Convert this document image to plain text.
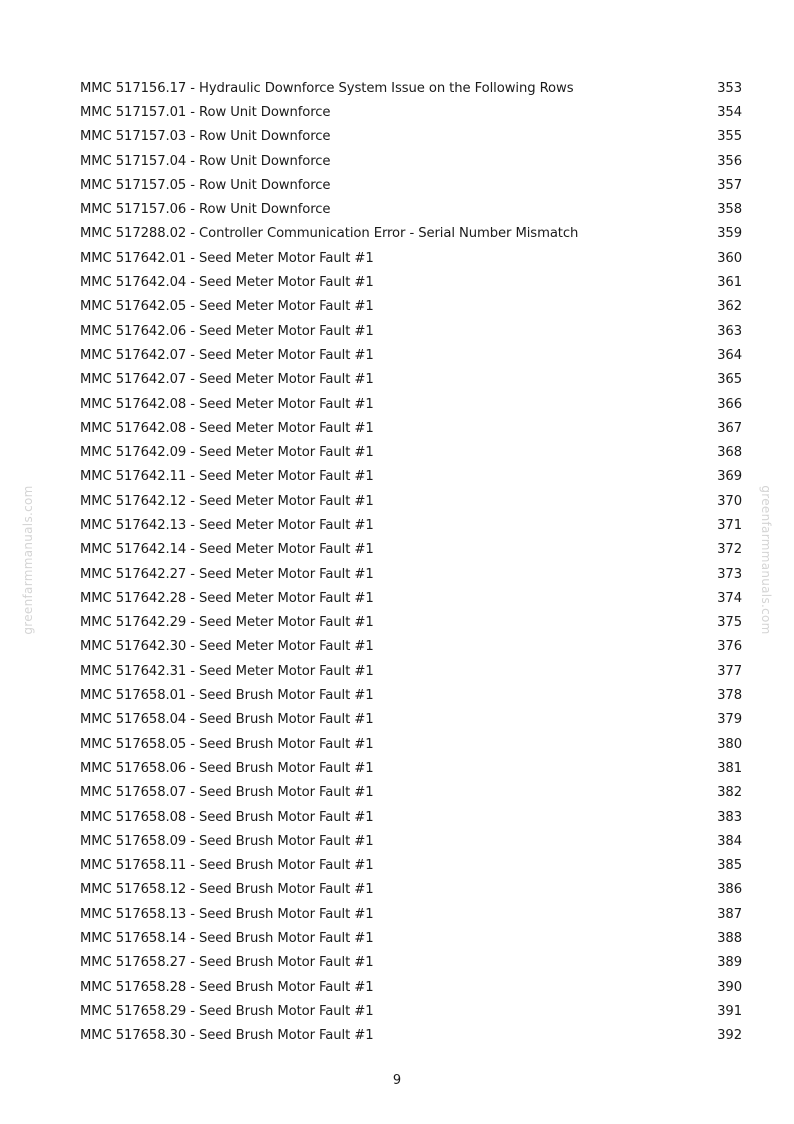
greenfarmmanuals.com	greenfarmmanuals.com
MMC 517156.17 - Hydraulic Downforce System Issue on the Following Rows	353
MMC 517157.01 - Row Unit Downforce	354
MMC 517157.03 - Row Unit Downforce	355
MMC 517157.04 - Row Unit Downforce	356
MMC 517157.05 - Row Unit Downforce	357
MMC 517157.06 - Row Unit Downforce	358
MMC 517288.02 - Controller Communication Error - Serial Number Mismatch	359
MMC 517642.01 - Seed Meter Motor Fault #1	360
MMC 517642.04 - Seed Meter Motor Fault #1	361
MMC 517642.05 - Seed Meter Motor Fault #1	362
MMC 517642.06 - Seed Meter Motor Fault #1	363
MMC 517642.07 - Seed Meter Motor Fault #1	364
MMC 517642.07 - Seed Meter Motor Fault #1	365
MMC 517642.08 - Seed Meter Motor Fault #1	366
MMC 517642.08 - Seed Meter Motor Fault #1	367
MMC 517642.09 - Seed Meter Motor Fault #1	368
MMC 517642.11 - Seed Meter Motor Fault #1	369
MMC 517642.12 - Seed Meter Motor Fault #1	370
MMC 517642.13 - Seed Meter Motor Fault #1	371
MMC 517642.14 - Seed Meter Motor Fault #1	372
MMC 517642.27 - Seed Meter Motor Fault #1	373
MMC 517642.28 - Seed Meter Motor Fault #1	374
MMC 517642.29 - Seed Meter Motor Fault #1	375
MMC 517642.30 - Seed Meter Motor Fault #1	376
MMC 517642.31 - Seed Meter Motor Fault #1	377
MMC 517658.01 - Seed Brush Motor Fault #1	378
MMC 517658.04 - Seed Brush Motor Fault #1	379
MMC 517658.05 - Seed Brush Motor Fault #1	380
MMC 517658.06 - Seed Brush Motor Fault #1	381
MMC 517658.07 - Seed Brush Motor Fault #1	382
MMC 517658.08 - Seed Brush Motor Fault #1	383
MMC 517658.09 - Seed Brush Motor Fault #1	384
MMC 517658.11 - Seed Brush Motor Fault #1	385
MMC 517658.12 - Seed Brush Motor Fault #1	386
MMC 517658.13 - Seed Brush Motor Fault #1	387
MMC 517658.14 - Seed Brush Motor Fault #1	388
MMC 517658.27 - Seed Brush Motor Fault #1	389
MMC 517658.28 - Seed Brush Motor Fault #1	390
MMC 517658.29 - Seed Brush Motor Fault #1	391
MMC 517658.30 - Seed Brush Motor Fault #1	392
9
